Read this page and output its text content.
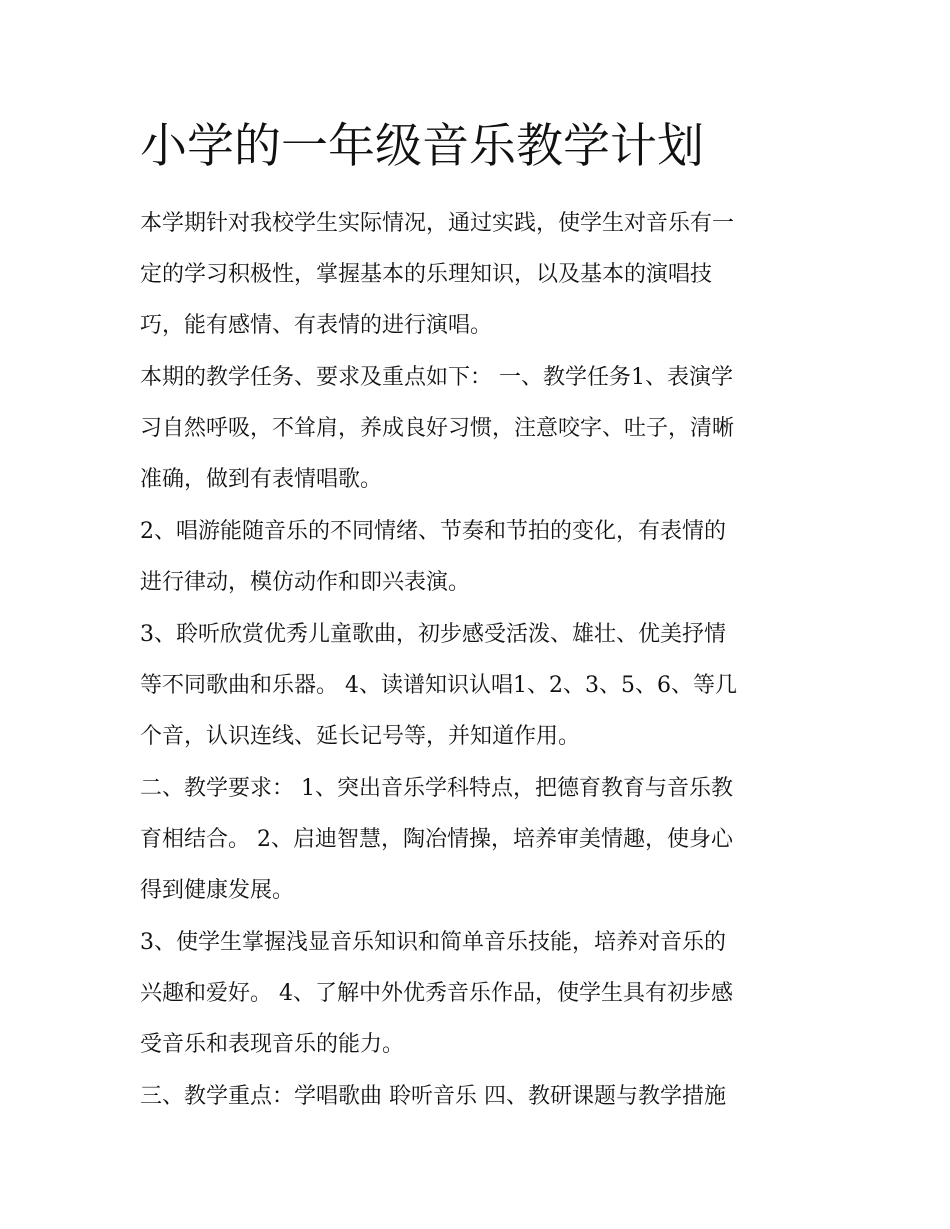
小学的一年级音乐教学计划

本学期针对我校学生实际情况，通过实践，使学生对音乐有一
定的学习积极性，掌握基本的乐理知识，以及基本的演唱技
巧，能有感情、有表情的进行演唱。

本期的教学任务、要求及重点如下： 一、教学任务1、表演学
习自然呼吸，不耸肩，养成良好习惯，注意咬字、吐子，清晰
准确，做到有表情唱歌。

2、唱游能随音乐的不同情绪、节奏和节拍的变化，有表情的
进行律动，模仿动作和即兴表演。

3、聆听欣赏优秀儿童歌曲，初步感受活泼、雄壮、优美抒情
等不同歌曲和乐器。 4、读谱知识认唱1、2、3、5、6、等几
个音，认识连线、延长记号等，并知道作用。

二、教学要求： 1、突出音乐学科特点，把德育教育与音乐教
育相结合。 2、启迪智慧，陶冶情操，培养审美情趣，使身心
得到健康发展。

3、使学生掌握浅显音乐知识和简单音乐技能，培养对音乐的
兴趣和爱好。 4、了解中外优秀音乐作品，使学生具有初步感
受音乐和表现音乐的能力。

三、教学重点：学唱歌曲 聆听音乐 四、教研课题与教学措施
